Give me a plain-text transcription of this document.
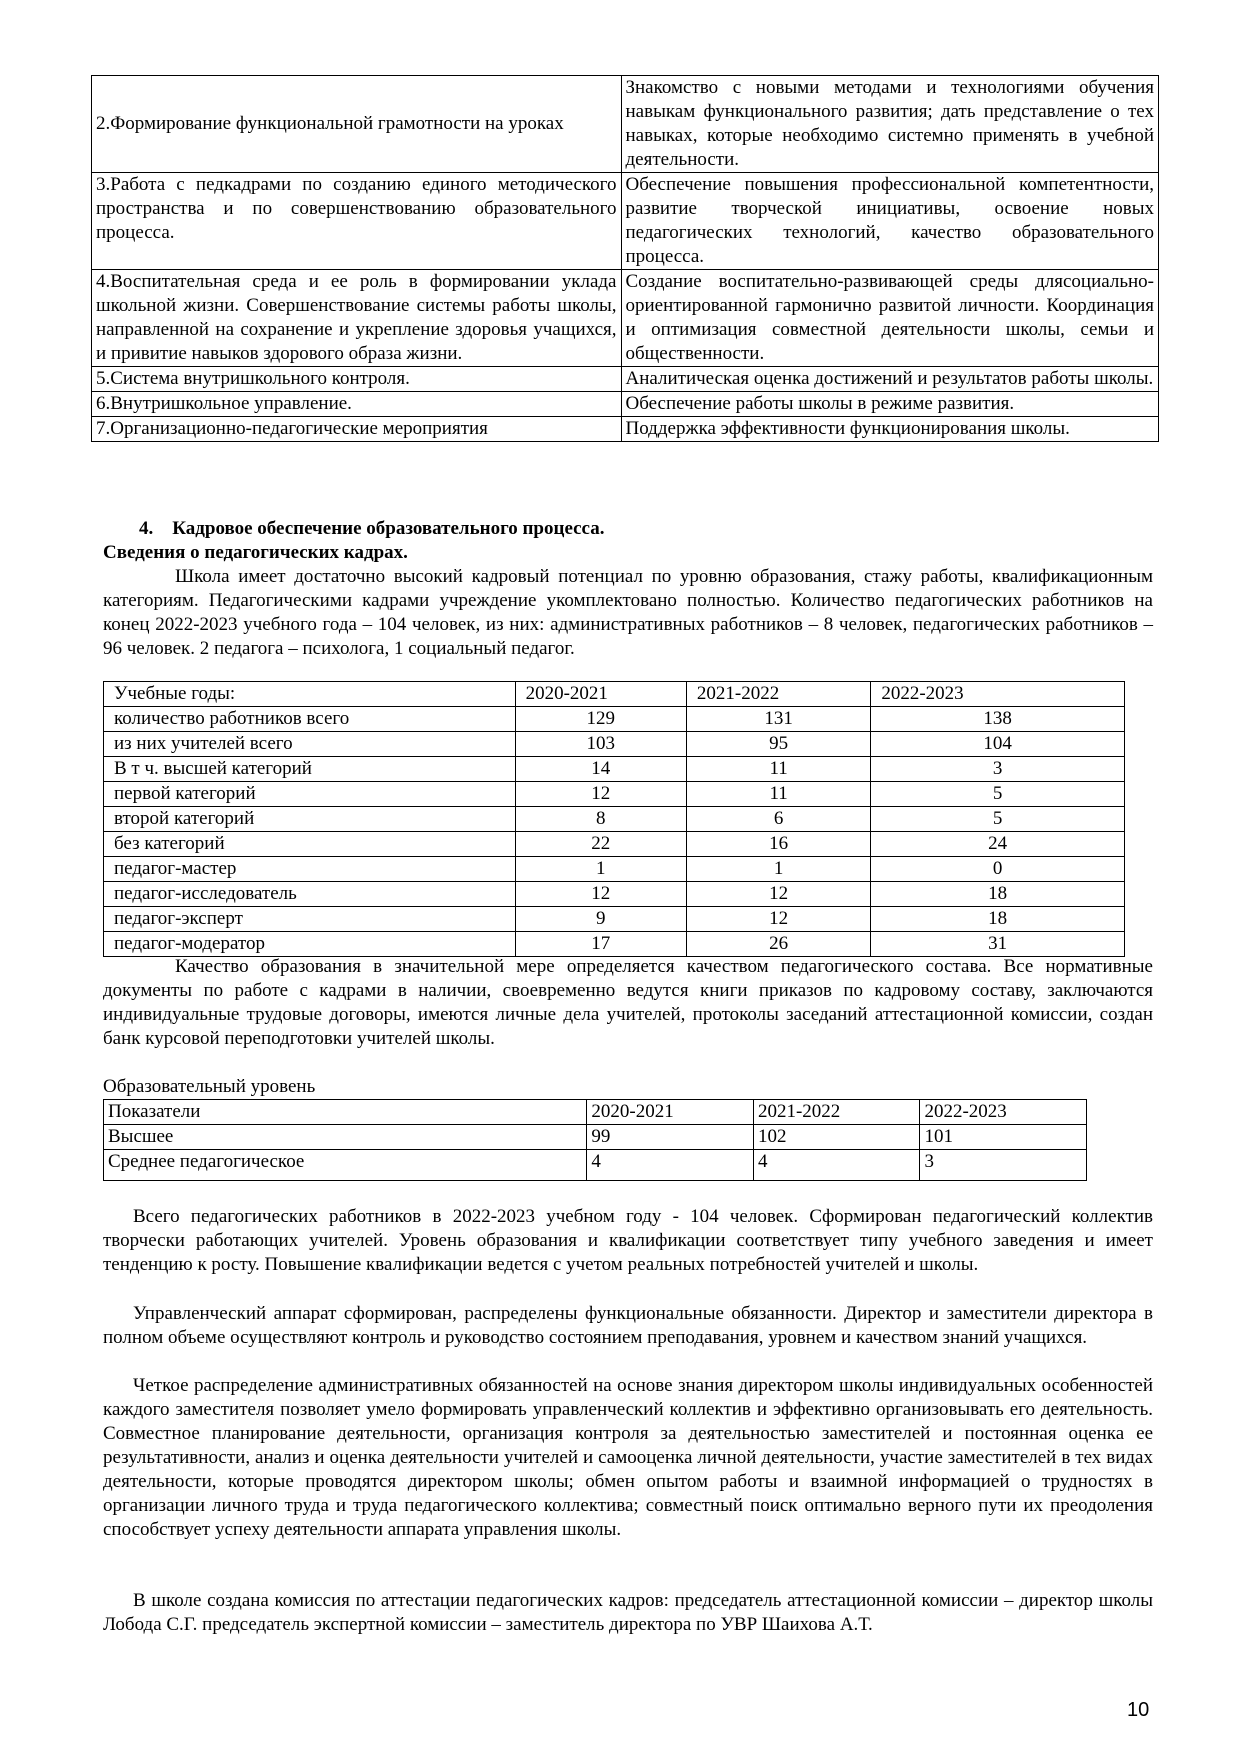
2.Формирование функциональной грамотности на уроках	Знакомство с новыми методами и технологиями обучения навыкам функционального развития; дать представление о тех навыках, которые необходимо системно применять в учебной деятельности.

3.Работа с педкадрами по созданию единого методического пространства и по совершенствованию образовательного процесса.	Обеспечение повышения профессиональной компетентности, развитие творческой инициативы, освоение новых педагогических технологий, качество образовательного процесса.

4.Воспитательная среда и ее роль в формировании уклада школьной жизни. Совершенствование системы работы школы, направленной на сохранение и укрепление здоровья учащихся, и привитие навыков здорового образа жизни.	Создание воспитательно-развивающей среды длясоциально-ориентированной гармонично развитой личности. Координация и оптимизация совместной деятельности школы, семьи и общественности.

5.Система внутришкольного контроля.	Аналитическая оценка достижений и результатов работы школы.

6.Внутришкольное управление.	Обеспечение работы школы в режиме развития.

7.Организационно-педагогические мероприятия	Поддержка эффективности функционирования школы.
4.    Кадровое обеспечение образовательного процесса.
Сведения о педагогических кадрах.
Школа имеет достаточно высокий кадровый потенциал по уровню образования, стажу работы, квалификационным категориям. Педагогическими кадрами учреждение укомплектовано полностью. Количество педагогических работников на конец 2022-2023 учебного года – 104 человек, из них: административных работников – 8 человек, педагогических работников – 96 человек. 2 педагога – психолога, 1 социальный педагог.
Учебные годы:	2020-2021	2021-2022	2022-2023
количество работников всего	129	131	138
из них учителей всего	103	95	104
В т ч. высшей категорий	14	11	3
первой категорий	12	11	5
второй категорий	8	6	5
без категорий	22	16	24
педагог-мастер	1	1	0
педагог-исследователь	12	12	18
педагог-эксперт	9	12	18
педагог-модератор	17	26	31
Качество образования в значительной мере определяется качеством педагогического состава. Все нормативные документы по работе с кадрами в наличии, своевременно ведутся книги приказов по кадровому составу, заключаются индивидуальные трудовые договоры, имеются личные дела учителей, протоколы заседаний аттестационной комиссии, создан банк курсовой переподготовки учителей школы.
Образовательный уровень
Показатели	2020-2021	2021-2022	2022-2023
Высшее	99	102	101
Среднее педагогическое	4	4	3
Всего педагогических работников в 2022-2023 учебном году - 104 человек. Сформирован педагогический коллектив творчески работающих учителей. Уровень образования и квалификации соответствует типу учебного заведения и имеет тенденцию к росту. Повышение квалификации ведется с учетом реальных потребностей учителей и школы.
Управленческий аппарат сформирован, распределены функциональные обязанности. Директор и заместители директора в полном объеме осуществляют контроль и руководство состоянием преподавания, уровнем и качеством знаний учащихся.
Четкое распределение административных обязанностей на основе знания директором школы индивидуальных особенностей каждого заместителя позволяет умело формировать управленческий коллектив и эффективно организовывать его деятельность. Совместное планирование деятельности, организация контроля за деятельностью заместителей и постоянная оценка ее результативности, анализ и оценка деятельности учителей и самооценка личной деятельности, участие заместителей в тех видах деятельности, которые проводятся директором школы; обмен опытом работы и взаимной информацией о трудностях в организации личного труда и труда педагогического коллектива; совместный поиск оптимально верного пути их преодоления способствует успеху деятельности аппарата управления школы.
В школе создана комиссия по аттестации педагогических кадров: председатель аттестационной комиссии – директор школы Лобода С.Г. председатель экспертной комиссии – заместитель директора по УВР Шаихова А.Т.
10
